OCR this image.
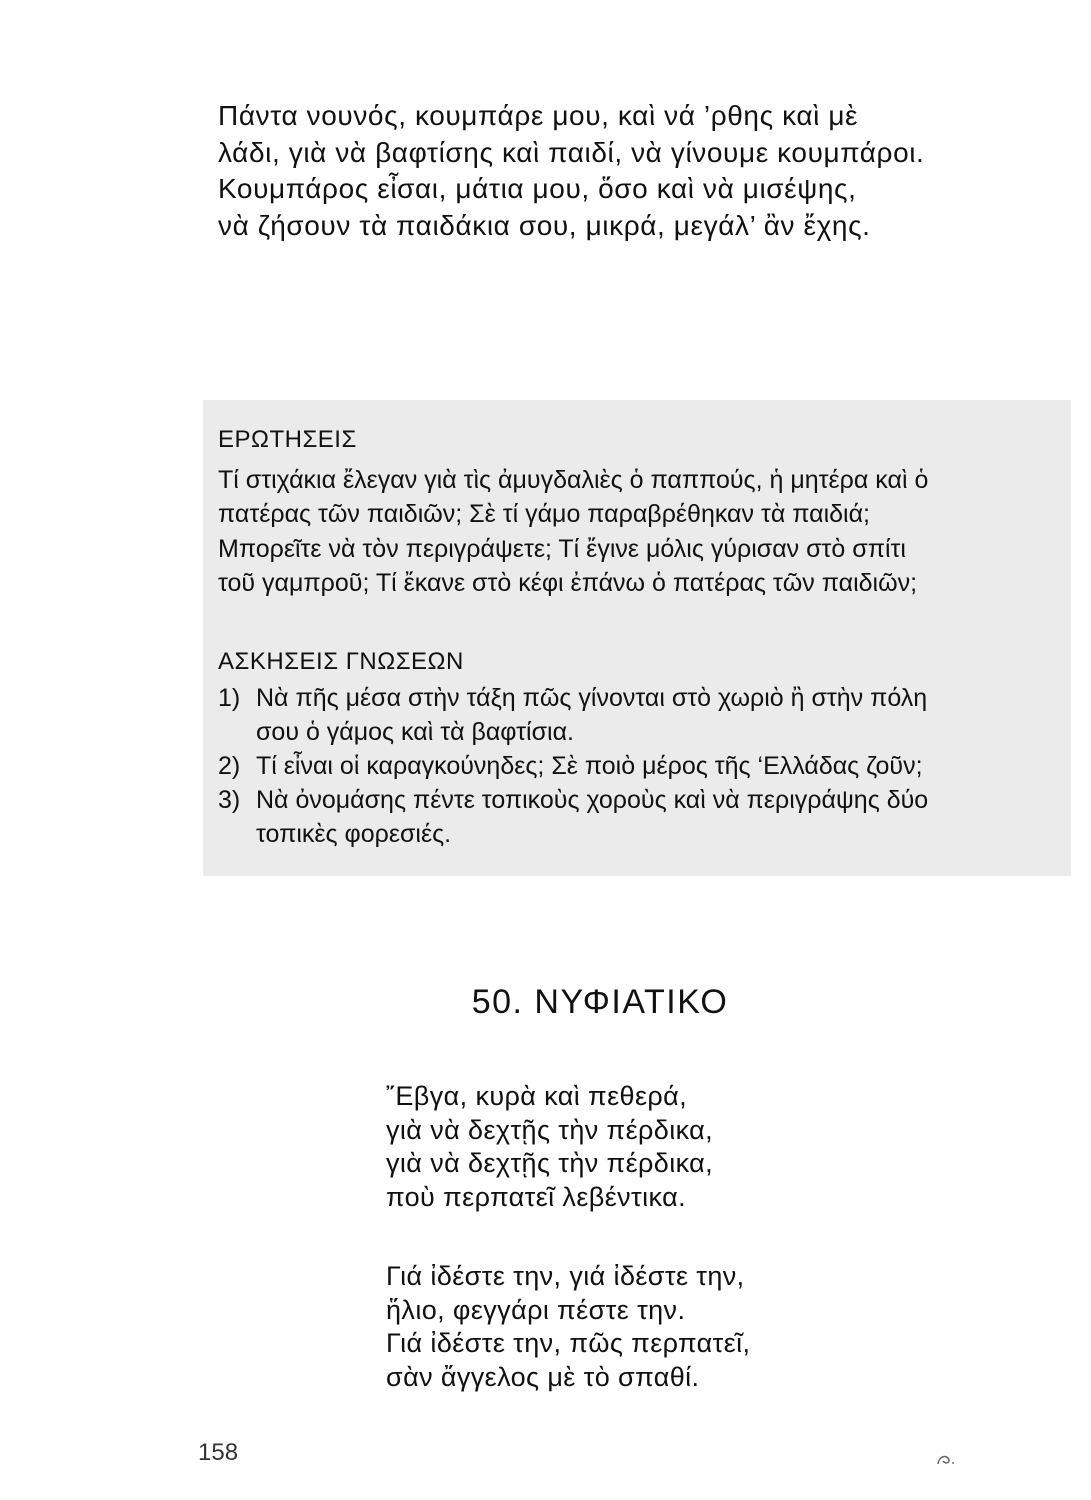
Πάντα νουνός, κουμπάρε μου, καὶ νά ’ρθης καὶ μὲ
λάδι, γιὰ νὰ βαφτίσης καὶ παιδί, νὰ γίνουμε κουμπάροι.
Κουμπάρος εἶσαι, μάτια μου, ὅσο καὶ νὰ μισέψης,
νὰ ζήσουν τὰ παιδάκια σου, μικρά, μεγάλ’ ἂν ἔχης.
ΕΡΩΤΗΣΕΙΣ
Τί στιχάκια ἔλεγαν γιὰ τὶς ἀμυγδαλιὲς ὁ παππούς, ἡ μητέρα καὶ ὁ
πατέρας τῶν παιδιῶν; Σὲ τί γάμο παραβρέθηκαν τὰ παιδιά;
Μπορεῖτε νὰ τὸν περιγράψετε; Τί ἔγινε μόλις γύρισαν στὸ σπίτι
τοῦ γαμπροῦ; Τί ἔκανε στὸ κέφι ἐπάνω ὁ πατέρας τῶν παιδιῶν;
ΑΣΚΗΣΕΙΣ ΓΝΩΣΕΩΝ
1) Νὰ πῆς μέσα στὴν τάξη πῶς γίνονται στὸ χωριὸ ἢ στὴν πόλη
σου ὁ γάμος καὶ τὰ βαφτίσια.
2) Τί εἶναι οἱ καραγκούνηδες; Σὲ ποιὸ μέρος τῆς ‘Ελλάδας ζοῦν;
3) Νὰ ὀνομάσης πέντε τοπικοὺς χοροὺς καὶ νὰ περιγράψης δύο
τοπικὲς φορεσιές.
50. ΝΥΦΙΑΤΙΚΟ
῎Εβγα, κυρὰ καὶ πεθερά,
γιὰ νὰ δεχτῇς τὴν πέρδικα,
γιὰ νὰ δεχτῇς τὴν πέρδικα,
ποὺ περπατεῖ λεβέντικα.
Γιά ἰδέστε την, γιά ἰδέστε την,
ἥλιο, φεγγάρι πέστε την.
Γιά ἰδέστε την, πῶς περπατεῖ,
σὰν ἄγγελος μὲ τὸ σπαθί.
158
